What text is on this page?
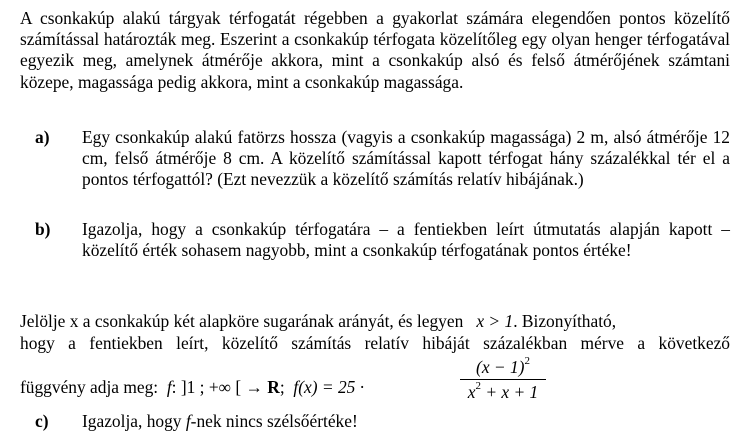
A csonkakúp alakú tárgyak térfogatát régebben a gyakorlat számára elegendően pontos közelítő számítással határozták meg. Eszerint a csonkakúp térfogata közelítőleg egy olyan henger térfogatával egyezik meg, amelynek átmérője akkora, mint a csonkakúp alsó és felső átmérőjének számtani közepe, magassága pedig akkora, mint a csonkakúp magassága.
a) Egy csonkakúp alakú fatörzs hossza (vagyis a csonkakúp magassága) 2 m, alsó átmérője 12 cm, felső átmérője 8 cm. A közelítő számítással kapott térfogat hány százalékkal tér el a pontos térfogattól? (Ezt nevezzük a közelítő számítás relatív hibájának.)
b) Igazolja, hogy a csonkakúp térfogatára – a fentiekben leírt útmutatás alapján kapott – közelítő érték sohasem nagyobb, mint a csonkakúp térfogatának pontos értéke!
Jelölje x a csonkakúp két alapköre sugarának arányát, és legyen x > 1. Bizonyítható,
hogy a fentiekben leírt, közelítő számítás relatív hibáját százalékban mérve a következő
függvény adja meg: f: ]1 ; +∞ [ → R; f(x) = 25 ·
$(x - 1)^2$
$x^2 + x + 1$
c) Igazolja, hogy f-nek nincs szélsőértéke!
